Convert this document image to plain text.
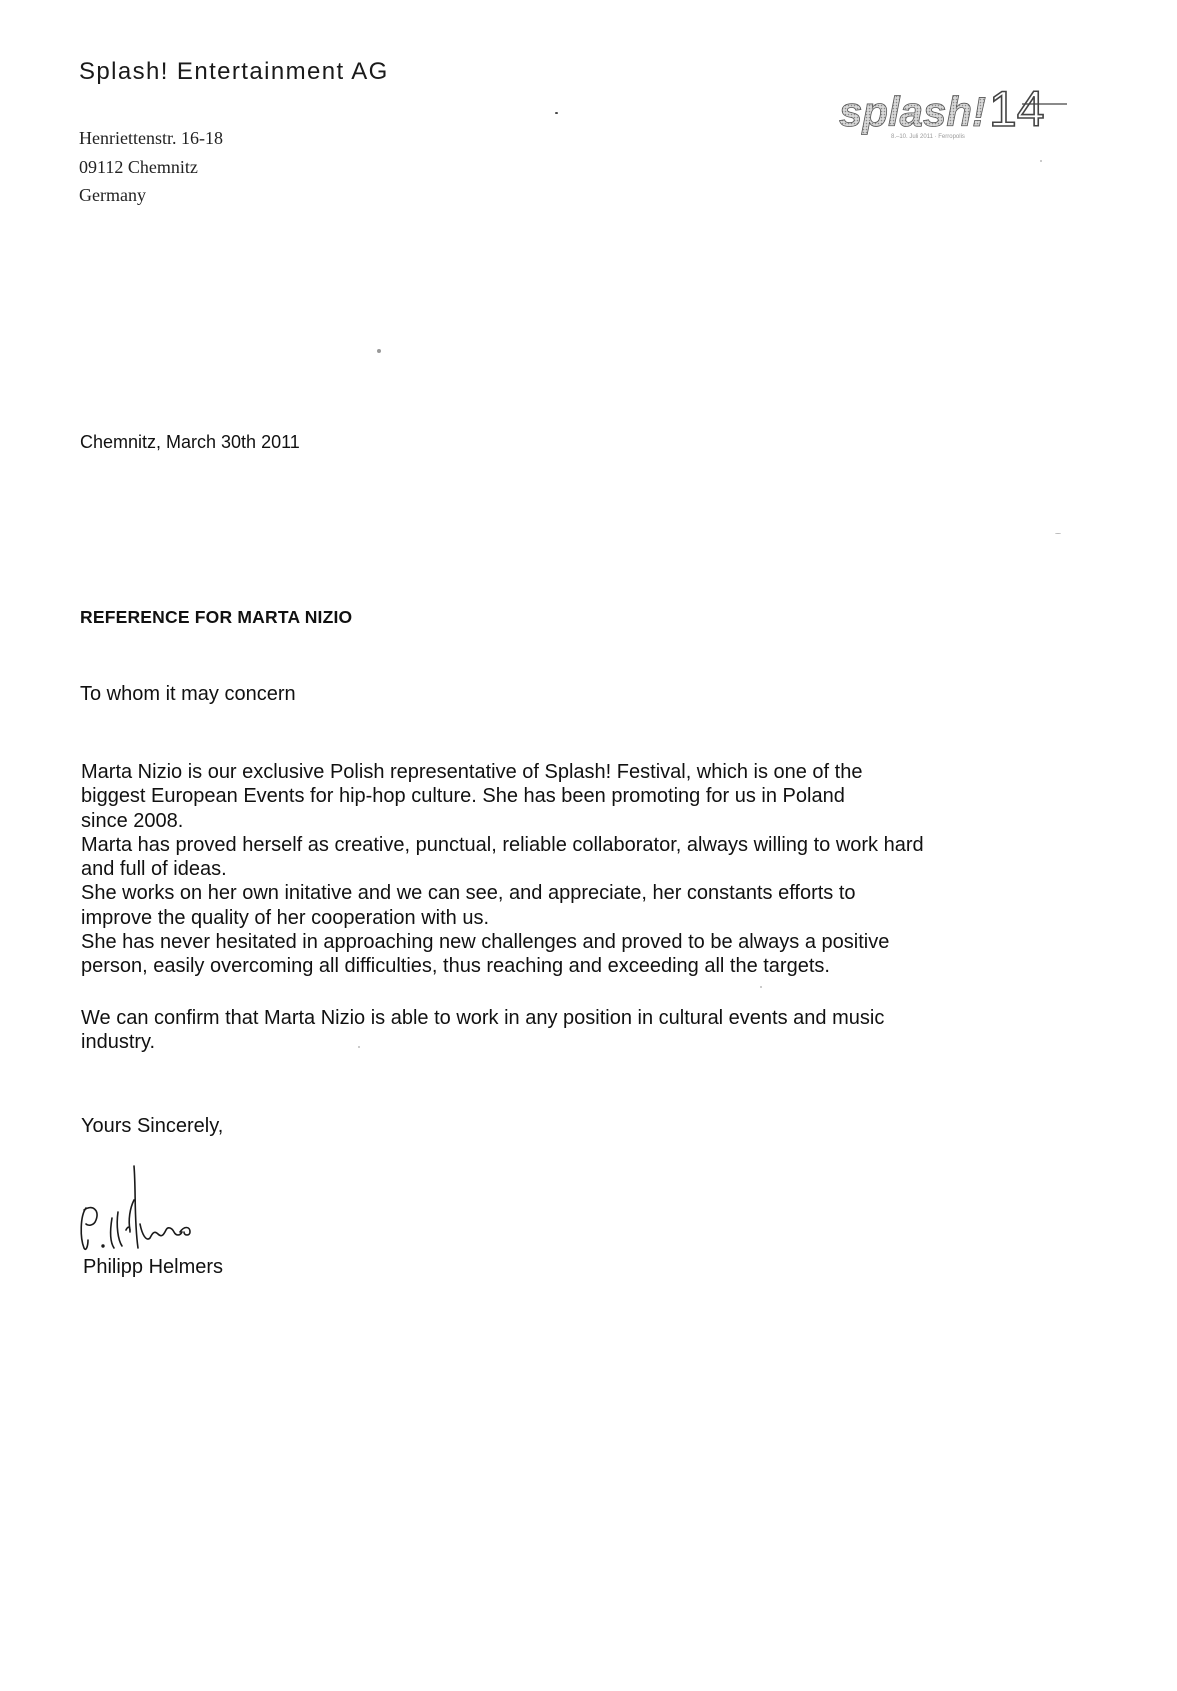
Splash! Entertainment AG
Henriettenstr. 16-18
09112 Chemnitz
Germany
splash! 14
8.–10. Juli 2011 · Ferropolis
Chemnitz, March 30th 2011
REFERENCE FOR MARTA NIZIO
To whom it may concern

Marta Nizio is our exclusive Polish representative of Splash! Festival, which is one of the

biggest European Events for hip-hop culture. She has been promoting for us in Poland

since 2008.

Marta has proved herself as creative, punctual, reliable collaborator, always willing to work hard

and full of ideas.

She works on her own initative and we can see, and appreciate, her constants efforts to

improve the quality of her cooperation with us.

She has never hesitated in approaching new challenges and proved to be always a positive

person, easily overcoming all difficulties, thus reaching and exceeding all the targets.

We can confirm that Marta Nizio is able to work in any position in cultural events and music

industry.

Yours Sincerely,
Philipp Helmers
